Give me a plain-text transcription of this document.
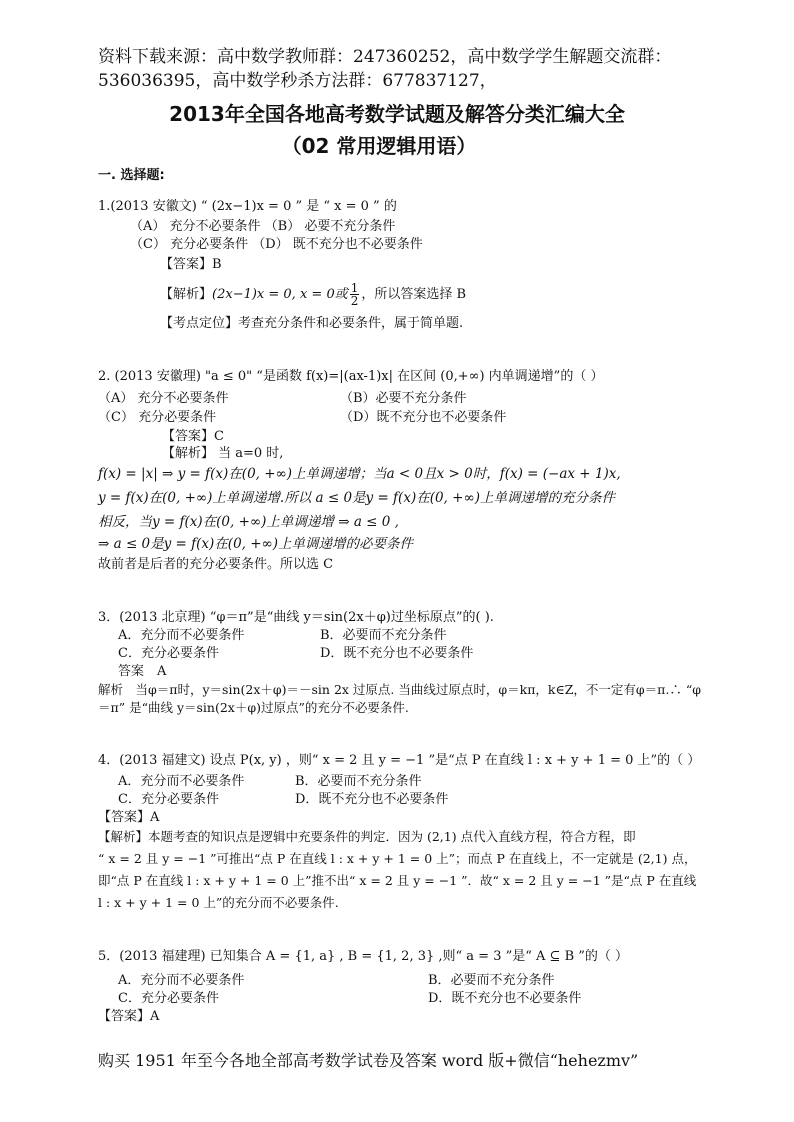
资料下载来源：高中数学教师群：247360252，高中数学学生解题交流群：
536036395，高中数学秒杀方法群：677837127，
2013年全国各地高考数学试题及解答分类汇编大全
（02 常用逻辑用语）
一. 选择题:
1.(2013 安徽文) “ (2x−1)x = 0 ” 是 “ x = 0 ” 的
（A） 充分不必要条件 （B） 必要不充分条件
（C） 充分必要条件 （D） 既不充分也不必要条件
【答案】B
【解析】(2x−1)x = 0, x = 0或 $\frac{1}{2}$ ，所以答案选择 B
【考点定位】考查充分条件和必要条件，属于简单题.
2. (2013 安徽理) "a ≤ 0" “是函数 f(x)=|(ax-1)x| 在区间 (0,+∞) 内单调递增”的（ ）
（A） 充分不必要条件	（B）必要不充分条件
（C） 充分必要条件	（D）既不充分也不必要条件
【答案】C
【解析】 当 a=0 时,
f(x) = |x| ⇒ y = f(x)在(0, +∞)上单调递增；当a < 0且x > 0时，f(x) = (−ax + 1)x,
y = f(x)在(0, +∞)上单调递增.所以 a ≤ 0是y = f(x)在(0, +∞)上单调递增的充分条件
相反，当y = f(x)在(0, +∞)上单调递增 ⇒ a ≤ 0 ,
⇒ a ≤ 0是y = f(x)在(0, +∞)上单调递增的必要条件
故前者是后者的充分必要条件。所以选 C
3．(2013 北京理) “φ＝π”是“曲线 y＝sin(2x＋φ)过坐标原点”的( ).
A．充分而不必要条件	B．必要而不充分条件
C．充分必要条件	D．既不充分也不必要条件
答案　A
解析　当φ＝π时，y＝sin(2x＋φ)＝－sin 2x 过原点. 当曲线过原点时，φ＝kπ，k∈Z，不一定有φ＝π.∴ “φ
＝π” 是“曲线 y＝sin(2x＋φ)过原点”的充分不必要条件.
4．(2013 福建文) 设点 P(x, y) ，则“ x = 2 且 y = −1 ”是“点 P 在直线 l : x + y + 1 = 0 上”的（ ）
A．充分而不必要条件	B．必要而不充分条件
C．充分必要条件	D．既不充分也不必要条件
【答案】A
【解析】本题考查的知识点是逻辑中充要条件的判定．因为 (2,1) 点代入直线方程，符合方程，即
“ x = 2 且 y = −1 ”可推出“点 P 在直线 l : x + y + 1 = 0 上”；而点 P 在直线上，不一定就是 (2,1) 点，
即“点 P 在直线 l : x + y + 1 = 0 上”推不出“ x = 2 且 y = −1 ”．故“ x = 2 且 y = −1 ”是“点 P 在直线
l : x + y + 1 = 0 上”的充分而不必要条件.
5．(2013 福建理) 已知集合 A = {1, a} , B = {1, 2, 3} ,则“ a = 3 ”是“ A ⊆ B ”的（ ）
A．充分而不必要条件	B．必要而不充分条件
C．充分必要条件	D．既不充分也不必要条件
【答案】A
购买 1951 年至今各地全部高考数学试卷及答案 word 版+微信“hehezmv”
